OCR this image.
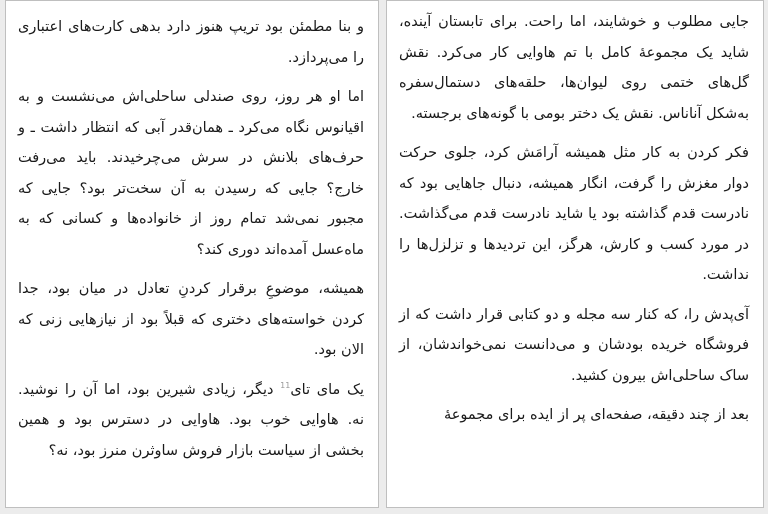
و بنا مطمئن بود تریپ هنوز دارد بدهی کارت‌های اعتباری را می‌پردازد.

اما او هر روز، روی صندلی ساحلی‌اش می‌نشست و به اقیانوس نگاه می‌کرد ـ همان‌قدر آبی که انتظار داشت ـ و حرف‌های بلانش در سرش می‌چرخیدند. باید می‌رفت خارج؟ جایی که رسیدن به آن سخت‌تر بود؟ جایی که مجبور نمی‌شد تمام روز از خانواده‌ها و کسانی که به ماه‌عسل آمده‌اند دوری کند؟

همیشه، موضوعِ برقرار کردنِ تعادل در میان بود، جدا کردن خواسته‌های دختری که قبلاً بود از نیازهایی زنی که الان بود.

یک مای تای$^{11}$ دیگر، زیادی شیرین بود، اما آن را نوشید. نه. هاوایی خوب بود. هاوایی در دسترس بود و همین بخشی از سیاست بازار فروش ساوثرن منرز بود، نه؟

جایی مطلوب و خوشایند، اما راحت. برای تابستان آینده، شاید یک مجموعهٔ کامل با تم هاوایی کار می‌کرد. نقش گل‌های ختمی روی لیوان‌ها، حلقه‌های دستمال‌سفره به‌شکل آناناس. نقش یک دختر بومی با گونه‌های برجسته.

فکر کردن به کار مثل همیشه آرامَش کرد، جلوی حرکت دوار مغزش را گرفت، انگار همیشه، دنبال جاهایی بود که نادرست قدم گذاشته بود یا شاید نادرست قدم می‌گذاشت. در مورد کسب و کارش، هرگز، این تردیدها و تزلزل‌ها را نداشت.

آی‌پدش را، که کنار سه مجله و دو کتابی قرار داشت که از فروشگاه خریده بودشان و می‌دانست نمی‌خواندشان، از ساک ساحلی‌اش بیرون کشید.

بعد از چند دقیقه، صفحه‌ای پر از ایده برای مجموعهٔ
